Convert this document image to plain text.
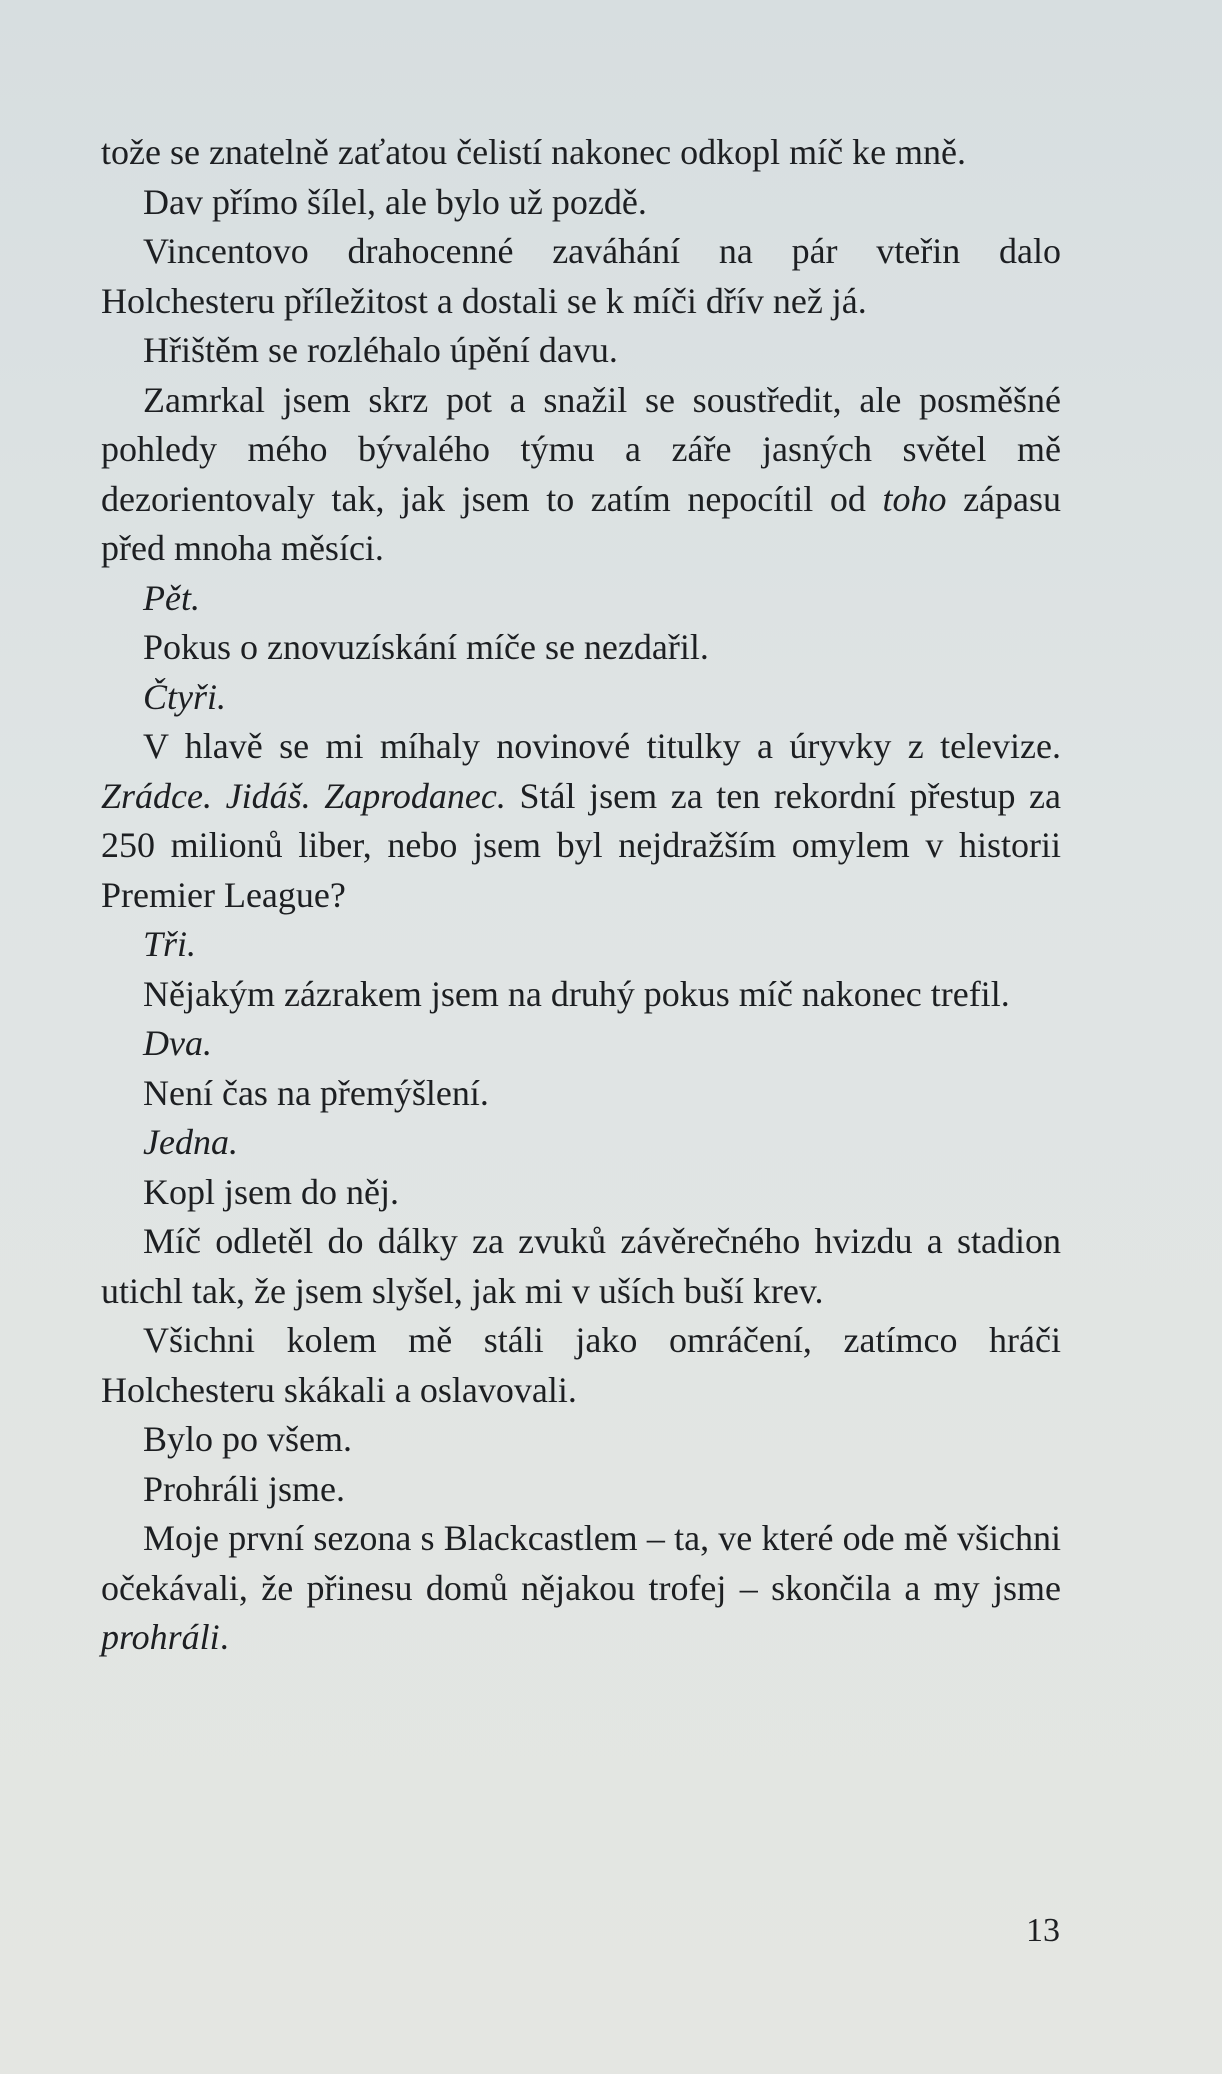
tože se znatelně zaťatou čelistí nakonec odkopl míč ke mně.

Dav přímo šílel, ale bylo už pozdě.

Vincentovo drahocenné zaváhání na pár vteřin dalo Holchesteru příležitost a dostali se k míči dřív než já.

Hřištěm se rozléhalo úpění davu.

Zamrkal jsem skrz pot a snažil se soustředit, ale posměšné pohledy mého bývalého týmu a záře jasných světel mě dezorientovaly tak, jak jsem to zatím nepocítil od toho zápasu před mnoha měsíci.

Pět.

Pokus o znovuzískání míče se nezdařil.

Čtyři.

V hlavě se mi míhaly novinové titulky a úryvky z televize. Zrádce. Jidáš. Zaprodanec. Stál jsem za ten rekordní přestup za 250 milionů liber, nebo jsem byl nejdražším omylem v historii Premier League?

Tři.

Nějakým zázrakem jsem na druhý pokus míč nakonec trefil.

Dva.

Není čas na přemýšlení.

Jedna.

Kopl jsem do něj.

Míč odletěl do dálky za zvuků závěrečného hvizdu a stadion utichl tak, že jsem slyšel, jak mi v uších buší krev.

Všichni kolem mě stáli jako omráčení, zatímco hráči Holchesteru skákali a oslavovali.

Bylo po všem.

Prohráli jsme.

Moje první sezona s Blackcastlem – ta, ve které ode mě všichni očekávali, že přinesu domů nějakou trofej – skončila a my jsme prohráli.

13
